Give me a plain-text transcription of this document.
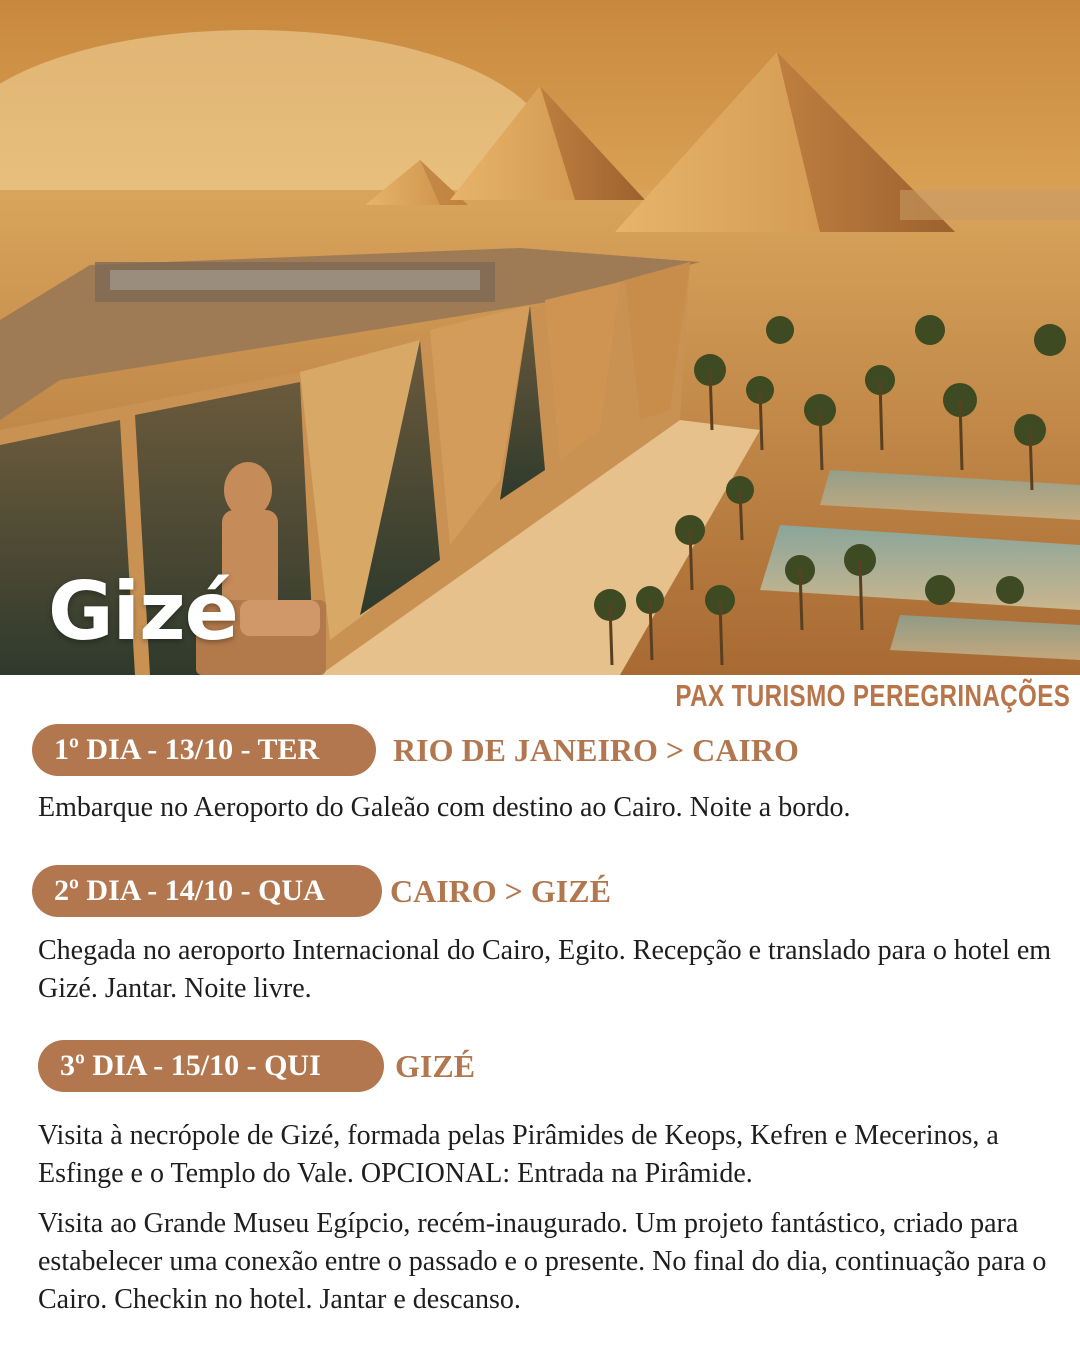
Gizé
PAX TURISMO PEREGRINAÇÕES
1º DIA - 13/10 - TER	RIO DE JANEIRO > CAIRO

Embarque no Aeroporto do Galeão com destino ao Cairo. Noite a bordo.

2º DIA - 14/10 - QUA	CAIRO > GIZÉ

Chegada no aeroporto Internacional do Cairo, Egito. Recepção e translado para o hotel em Gizé. Jantar. Noite livre.

3º DIA - 15/10 - QUI	GIZÉ

Visita à necrópole de Gizé, formada pelas Pirâmides de Keops, Kefren e Mecerinos, a Esfinge e o Templo do Vale. OPCIONAL: Entrada na Pirâmide.

Visita ao Grande Museu Egípcio, recém-inaugurado. Um projeto fantástico, criado para estabelecer uma conexão entre o passado e o presente. No final do dia, continuação para o Cairo. Checkin no hotel. Jantar e descanso.
